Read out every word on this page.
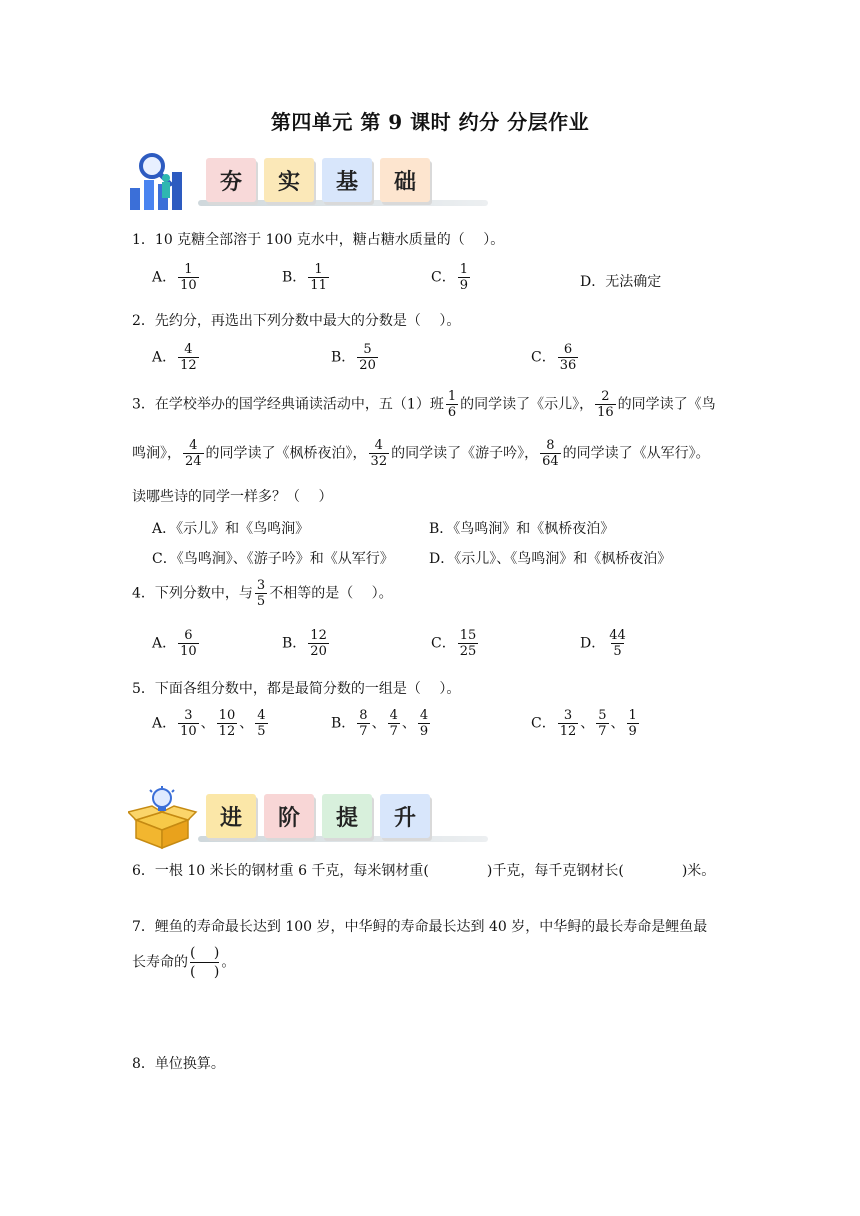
第四单元 第 9 课时 约分 分层作业
夯	实	基	础
1．10 克糖全部溶于 100 克水中，糖占糖水质量的（　 ）。
A． $\frac{1}{10}$	B． $\frac{1}{11}$	C． $\frac{1}{9}$	D．无法确定
2．先约分，再选出下列分数中最大的分数是（　 ）。
A． $\frac{4}{12}$	B． $\frac{5}{20}$	C． $\frac{6}{36}$
3．在学校举办的国学经典诵读活动中，五（1）班 $\frac{1}{6}$ 的同学读了《示儿》， $\frac{2}{16}$ 的同学读了《鸟
鸣涧》， $\frac{4}{24}$ 的同学读了《枫桥夜泊》， $\frac{4}{32}$ 的同学读了《游子吟》， $\frac{8}{64}$ 的同学读了《从军行》。
读哪些诗的同学一样多？（　 ）
A．《示儿》和《鸟鸣涧》	B．《鸟鸣涧》和《枫桥夜泊》
C．《鸟鸣涧》、《游子吟》和《从军行》	D．《示儿》、《鸟鸣涧》和《枫桥夜泊》
4．下列分数中，与 $\frac{3}{5}$ 不相等的是（　 ）。
A． $\frac{6}{10}$	B． $\frac{12}{20}$	C． $\frac{15}{25}$	D． $\frac{44}{5}$
5．下面各组分数中，都是最简分数的一组是（　 ）。
A． $\frac{3}{10}$ 、 $\frac{10}{12}$ 、 $\frac{4}{5}$	B． $\frac{8}{7}$ 、 $\frac{4}{7}$ 、 $\frac{4}{9}$	C． $\frac{3}{12}$ 、 $\frac{5}{7}$ 、 $\frac{1}{9}$
进	阶	提	升
6．一根 10 米长的钢材重 6 千克，每米钢材重(	)千克，每千克钢材长(	)米。
7．鲤鱼的寿命最长达到 100 岁，中华鲟的寿命最长达到 40 岁，中华鲟的最长寿命是鲤鱼最
长寿命的
(　 )
(　 )
。
8．单位换算。
